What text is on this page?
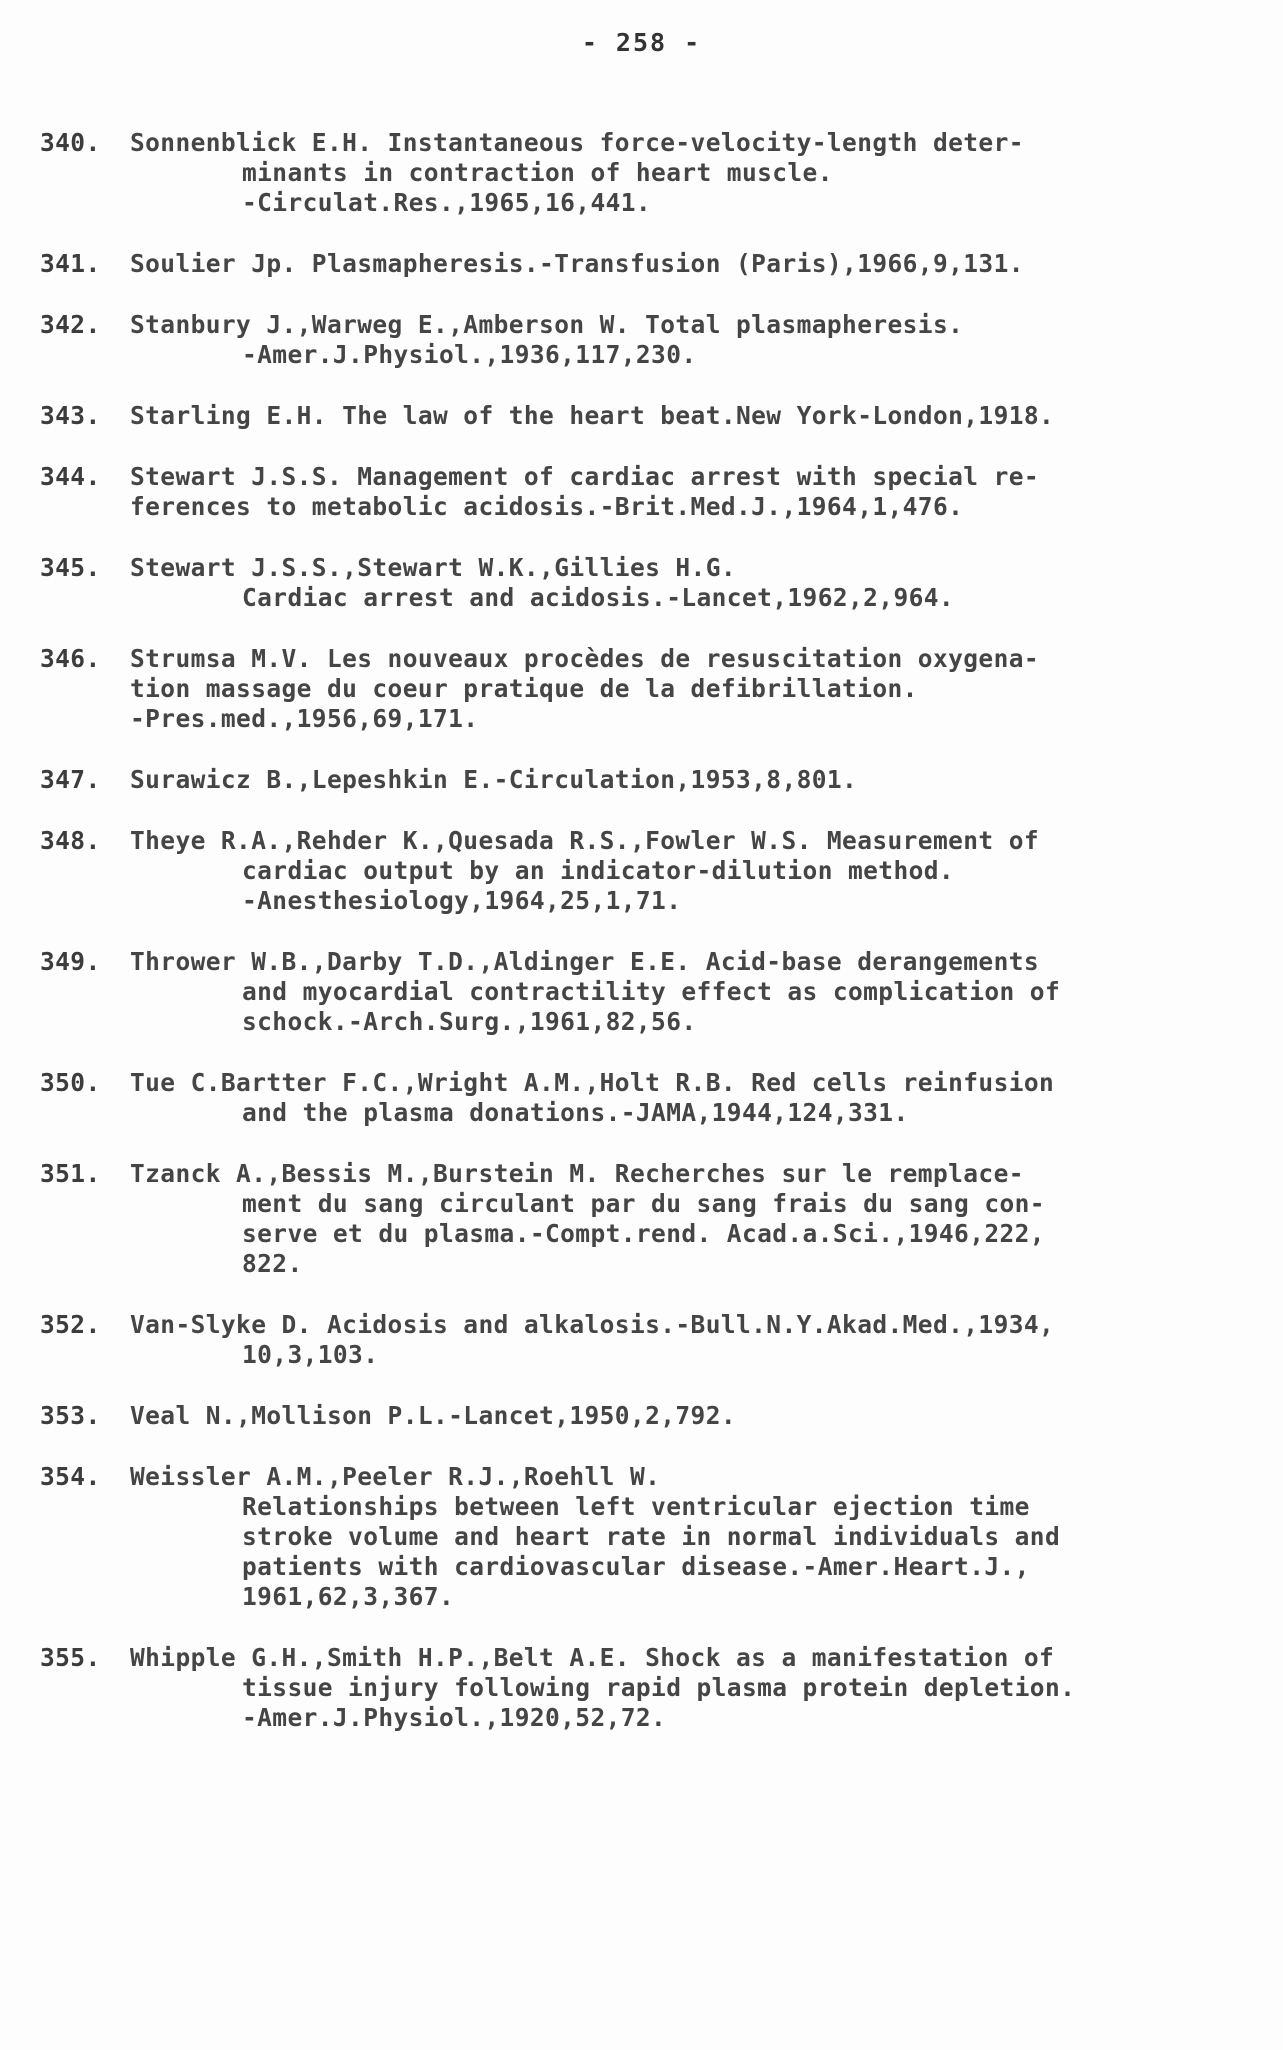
- 258 -
340. Sonnenblick E.H. Instantaneous force-velocity-length deter-
minants in contraction of heart muscle.
-Circulat.Res.,1965,16,441.
341. Soulier Jp. Plasmapheresis.-Transfusion (Paris),1966,9,131.
342. Stanbury J.,Warweg E.,Amberson W. Total plasmapheresis.
-Amer.J.Physiol.,1936,117,230.
343. Starling E.H. The law of the heart beat.New York-London,1918.
344. Stewart J.S.S. Management of cardiac arrest with special re-
ferences to metabolic acidosis.-Brit.Med.J.,1964,1,476.
345. Stewart J.S.S.,Stewart W.K.,Gillies H.G.
Cardiac arrest and acidosis.-Lancet,1962,2,964.
346. Strumsa M.V. Les nouveaux procèdes de resuscitation oxygena-
tion massage du coeur pratique de la defibrillation.
-Pres.med.,1956,69,171.
347. Surawicz B.,Lepeshkin E.-Circulation,1953,8,801.
348. Theye R.A.,Rehder K.,Quesada R.S.,Fowler W.S. Measurement of
cardiac output by an indicator-dilution method.
-Anesthesiology,1964,25,1,71.
349. Thrower W.B.,Darby T.D.,Aldinger E.E. Acid-base derangements
and myocardial contractility effect as complication of
schock.-Arch.Surg.,1961,82,56.
350. Tue C.Bartter F.C.,Wright A.M.,Holt R.B. Red cells reinfusion
and the plasma donations.-JAMA,1944,124,331.
351. Tzanck A.,Bessis M.,Burstein M. Recherches sur le remplace-
ment du sang circulant par du sang frais du sang con-
serve et du plasma.-Compt.rend. Acad.a.Sci.,1946,222,
822.
352. Van-Slyke D. Acidosis and alkalosis.-Bull.N.Y.Akad.Med.,1934,
10,3,103.
353. Veal N.,Mollison P.L.-Lancet,1950,2,792.
354. Weissler A.M.,Peeler R.J.,Roehll W.
Relationships between left ventricular ejection time
stroke volume and heart rate in normal individuals and
patients with cardiovascular disease.-Amer.Heart.J.,
1961,62,3,367.
355. Whipple G.H.,Smith H.P.,Belt A.E. Shock as a manifestation of
tissue injury following rapid plasma protein depletion.
-Amer.J.Physiol.,1920,52,72.
